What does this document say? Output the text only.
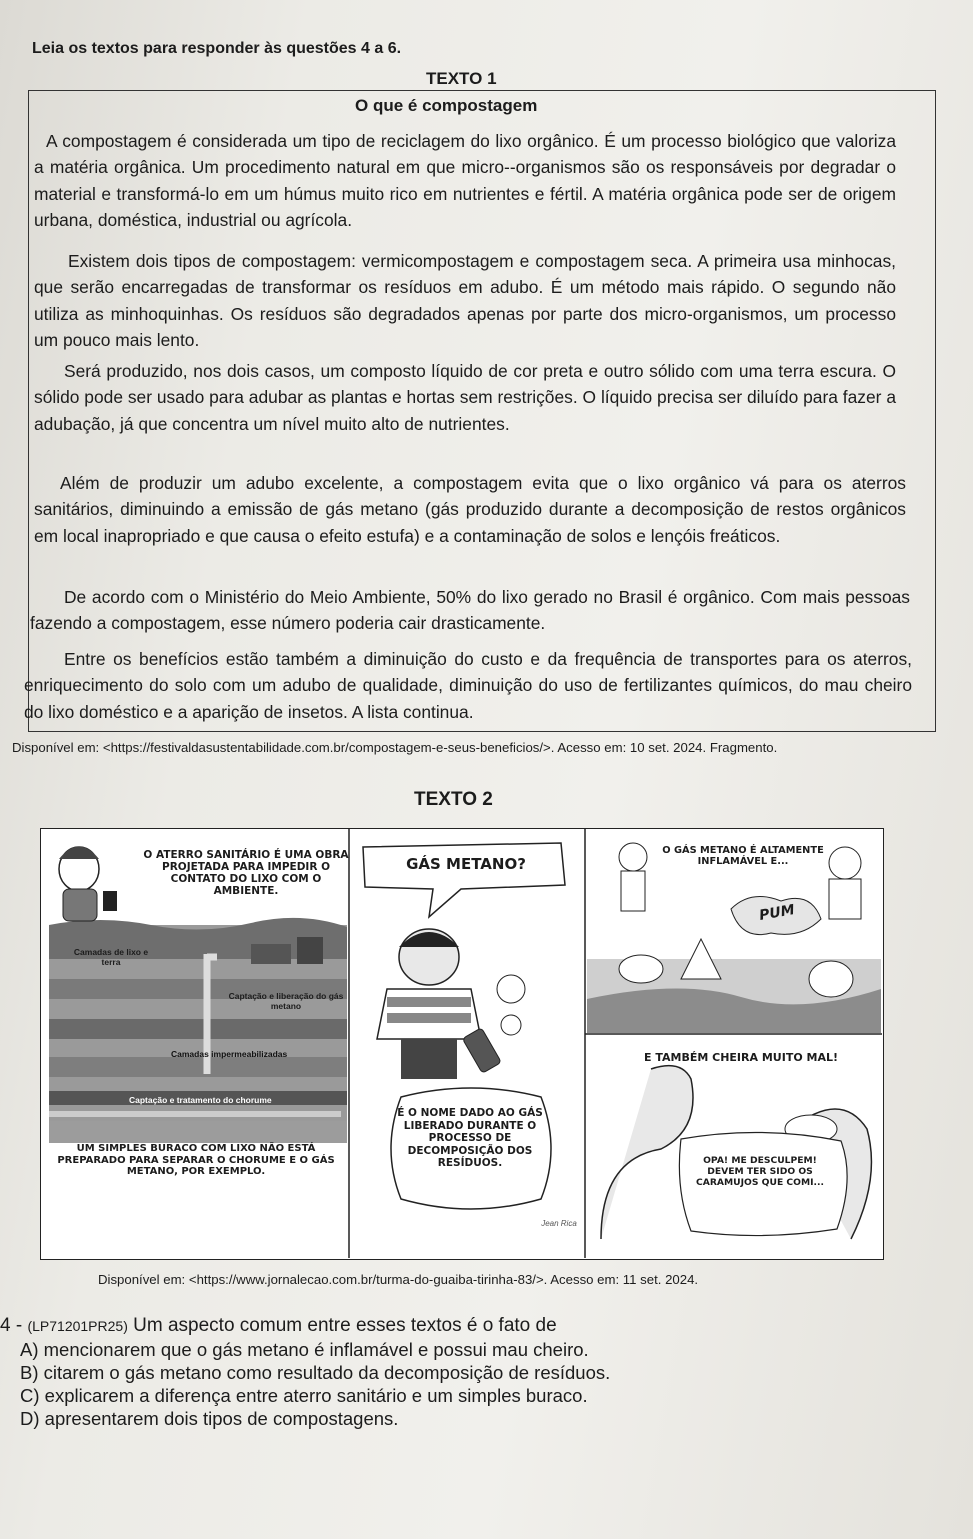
Leia os textos para responder às questões 4 a 6.
TEXTO 1
O que é compostagem
A compostagem é considerada um tipo de reciclagem do lixo orgânico. É um processo biológico que valoriza a matéria orgânica. Um procedimento natural em que micro--organismos são os responsáveis por degradar o material e transformá-lo em um húmus muito rico em nutrientes e fértil. A matéria orgânica pode ser de origem urbana, doméstica, industrial ou agrícola.
Existem dois tipos de compostagem: vermicompostagem e compostagem seca. A primeira usa minhocas, que serão encarregadas de transformar os resíduos em adubo. É um método mais rápido. O segundo não utiliza as minhoquinhas. Os resíduos são degradados apenas por parte dos micro-organismos, um processo um pouco mais lento.
Será produzido, nos dois casos, um composto líquido de cor preta e outro sólido com uma terra escura. O sólido pode ser usado para adubar as plantas e hortas sem restrições. O líquido precisa ser diluído para fazer a adubação, já que concentra um nível muito alto de nutrientes.
Além de produzir um adubo excelente, a compostagem evita que o lixo orgânico vá para os aterros sanitários, diminuindo a emissão de gás metano (gás produzido durante a decomposição de restos orgânicos em local inapropriado e que causa o efeito estufa) e a contaminação de solos e lençóis freáticos.
De acordo com o Ministério do Meio Ambiente, 50% do lixo gerado no Brasil é orgânico. Com mais pessoas fazendo a compostagem, esse número poderia cair drasticamente.
Entre os benefícios estão também a diminuição do custo e da frequência de transportes para os aterros, enriquecimento do solo com um adubo de qualidade, diminuição do uso de fertilizantes químicos, do mau cheiro do lixo doméstico e a aparição de insetos. A lista continua.
Disponível em: <https://festivaldasustentabilidade.com.br/compostagem-e-seus-beneficios/>. Acesso em: 10 set. 2024. Fragmento.
TEXTO 2
O ATERRO SANITÁRIO É UMA OBRA PROJETADA PARA IMPEDIR O CONTATO DO LIXO COM O AMBIENTE.
Camadas de lixo e terra
Captação e liberação do gás metano
Camadas impermeabilizadas
Captação e tratamento do chorume
UM SIMPLES BURACO COM LIXO NÃO ESTÁ PREPARADO PARA SEPARAR O CHORUME E O GÁS METANO, POR EXEMPLO.
GÁS METANO?
É O NOME DADO AO GÁS LIBERADO DURANTE O PROCESSO DE DECOMPOSIÇÃO DOS RESÍDUOS.
Jean Rica
O GÁS METANO É ALTAMENTE INFLAMÁVEL E...
PUM
E TAMBÉM CHEIRA MUITO MAL!
OPA! ME DESCULPEM! DEVEM TER SIDO OS CARAMUJOS QUE COMI...
Disponível em: <https://www.jornalecao.com.br/turma-do-guaiba-tirinha-83/>. Acesso em: 11 set. 2024.
4 - (LP71201PR25) Um aspecto comum entre esses textos é o fato de
A) mencionarem que o gás metano é inflamável e possui mau cheiro.
B) citarem o gás metano como resultado da decomposição de resíduos.
C) explicarem a diferença entre aterro sanitário e um simples buraco.
D) apresentarem dois tipos de compostagens.
